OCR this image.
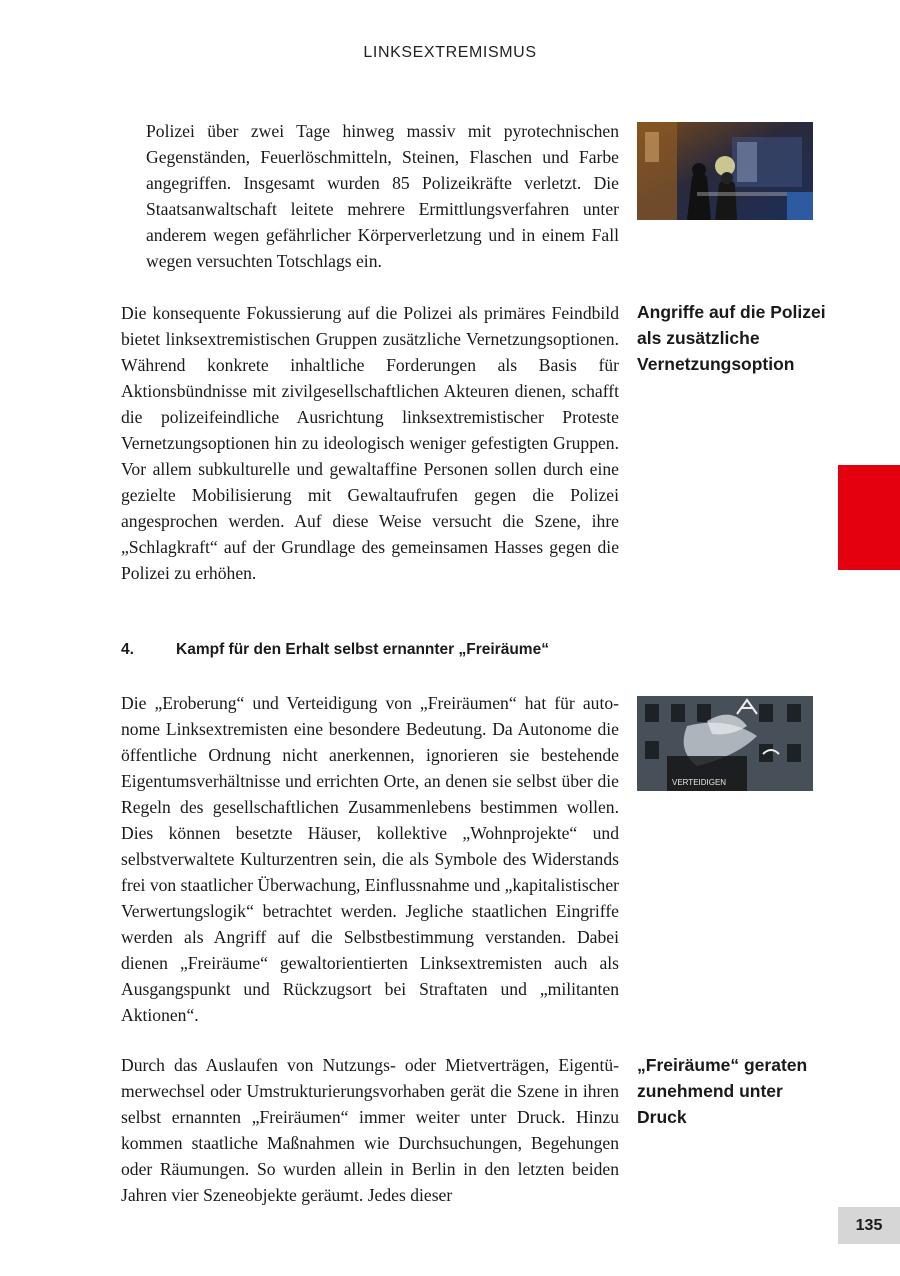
LINKSEXTREMISMUS

Polizei über zwei Tage hinweg massiv mit pyrotechnischen Gegenständen, Feuerlöschmitteln, Steinen, Flaschen und Farbe angegriffen. Insgesamt wurden 85 Polizeikräfte verletzt. Die Staatsanwaltschaft leitete mehrere Ermittlungsverfahren unter anderem wegen gefährlicher Körperverletzung und in einem Fall wegen versuchten Totschlags ein.

Die konsequente Fokussierung auf die Polizei als primäres Feindbild bietet linksextremistischen Gruppen zusätzliche Vernetzungsoptionen. Während konkrete inhaltliche Forderungen als Basis für Aktionsbündnisse mit zivilgesellschaftlichen Akteuren dienen, schafft die polizeifeindliche Ausrichtung linksextremistischer Proteste Vernetzungsoptionen hin zu ideologisch weniger gefestigten Gruppen. Vor allem subkulturelle und gewaltaffine Personen sollen durch eine gezielte Mobilisierung mit Gewaltaufrufen gegen die Polizei angesprochen werden. Auf diese Weise versucht die Szene, ihre „Schlagkraft“ auf der Grundlage des gemeinsamen Hasses gegen die Polizei zu erhöhen.

Angriffe auf die Polizei als zusätzliche Vernetzungsoption
4.	Kampf für den Erhalt selbst ernannter „Freiräume“

Die „Eroberung“ und Verteidigung von „Freiräumen“ hat für autonome Linksextremisten eine besondere Bedeutung. Da Autonome die öffentliche Ordnung nicht anerkennen, ignorieren sie bestehende Eigentumsverhältnisse und errichten Orte, an denen sie selbst über die Regeln des gesellschaftlichen Zusammenlebens bestimmen wollen. Dies können besetzte Häuser, kollektive „Wohnprojekte“ und selbstverwaltete Kulturzentren sein, die als Symbole des Widerstands frei von staatlicher Überwachung, Einflussnahme und „kapitalistischer Verwertungslogik“ betrachtet werden. Jegliche staatlichen Eingriffe werden als Angriff auf die Selbstbestimmung verstanden. Dabei dienen „Freiräume“ gewaltorientierten Linksextremisten auch als Ausgangspunkt und Rückzugsort bei Straftaten und „militanten Aktionen“.

VERTEIDIGEN

Durch das Auslaufen von Nutzungs- oder Mietverträgen, Eigentümerwechsel oder Umstrukturierungsvorhaben gerät die Szene in ihren selbst ernannten „Freiräumen“ immer weiter unter Druck. Hinzu kommen staatliche Maßnahmen wie Durchsuchungen, Begehungen oder Räumungen. So wurden allein in Berlin in den letzten beiden Jahren vier Szeneobjekte geräumt. Jedes dieser

„Freiräume“ geraten zunehmend unter Druck
135
